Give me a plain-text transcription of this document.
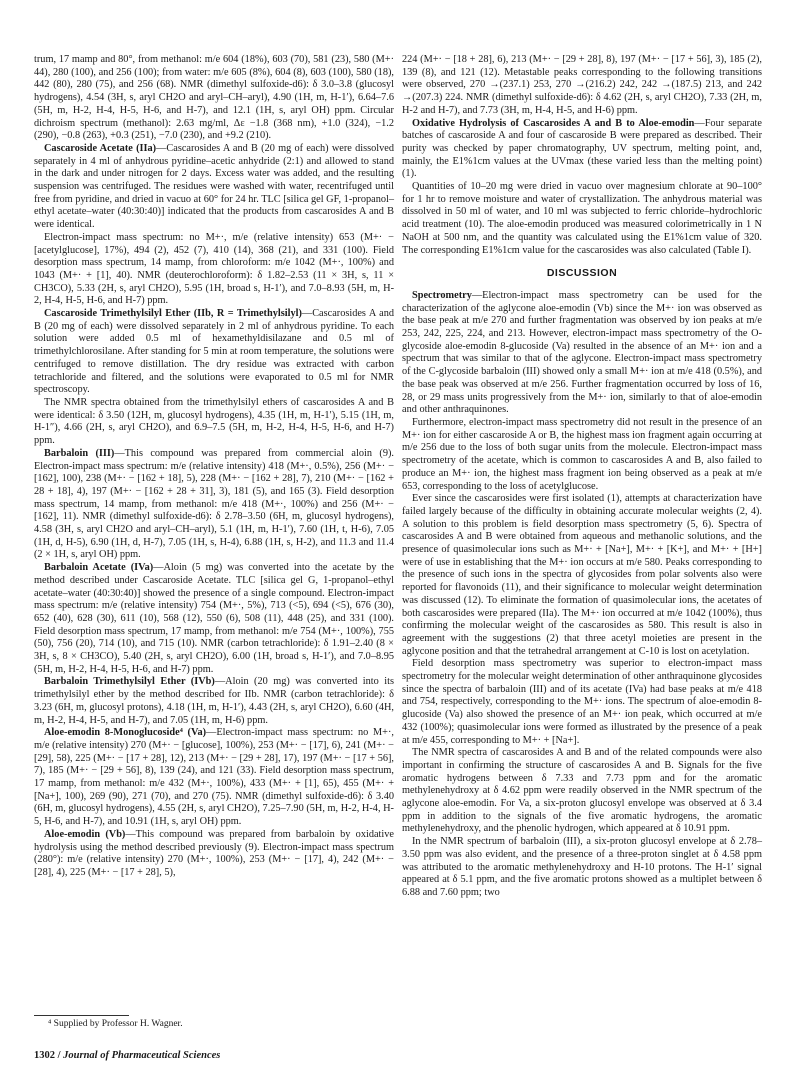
trum, 17 mamp and 80°, from methanol: m/e 604 (18%), 603 (70), 581 (23), 580 (M+· 44), 280 (100), and 256 (100); from water: m/e 605 (8%), 604 (8), 603 (100), 580 (18), 442 (80), 280 (75), and 256 (68). NMR (dimethyl sulfoxide-d6): δ 3.0–3.8 (glucosyl hydrogens), 4.54 (3H, s, aryl CH2O and aryl–CH–aryl), 4.90 (1H, m, H-1′), 6.64–7.6 (5H, m, H-2, H-4, H-5, H-6, and H-7), and 12.1 (1H, s, aryl OH) ppm. Circular dichroism spectrum (methanol): 2.63 mg/ml, Δε −1.8 (368 nm), +1.0 (324), −1.2 (290), −0.8 (263), +0.3 (251), −7.0 (230), and +9.2 (210).

Cascaroside Acetate (IIa)—Cascarosides A and B (20 mg of each) were dissolved separately in 4 ml of anhydrous pyridine–acetic anhydride (2:1) and allowed to stand in the dark and under nitrogen for 2 days. Excess water was added, and the resulting suspension was centrifuged. The residues were washed with water, recentrifuged until free from pyridine, and dried in vacuo at 60° for 24 hr. TLC [silica gel GF, 1-propanol–ethyl acetate–water (40:30:40)] indicated that the products from cascarosides A and B were identical.

Electron-impact mass spectrum: no M+·, m/e (relative intensity) 653 (M+· − [acetylglucose], 17%), 494 (2), 452 (7), 410 (14), 368 (21), and 331 (100). Field desorption mass spectrum, 14 mamp, from chloroform: m/e 1042 (M+·, 100%) and 1043 (M+· + [1], 40). NMR (deuterochloroform): δ 1.82–2.53 (11 × 3H, s, 11 × CH3CO), 5.33 (2H, s, aryl CH2O), 5.95 (1H, broad s, H-1′), and 7.0–8.93 (5H, m, H-2, H-4, H-5, H-6, and H-7) ppm.

Cascaroside Trimethylsilyl Ether (IIb, R = Trimethylsilyl)—Cascarosides A and B (20 mg of each) were dissolved separately in 2 ml of anhydrous pyridine. To each solution were added 0.5 ml of hexamethyldisilazane and 0.5 ml of trimethylchlorosilane. After standing for 5 min at room temperature, the solutions were centrifuged to remove distillation. The dry residue was extracted with carbon tetrachloride and filtered, and the solutions were evaporated to 0.5 ml for NMR spectroscopy.

The NMR spectra obtained from the trimethylsilyl ethers of cascarosides A and B were identical: δ 3.50 (12H, m, glucosyl hydrogens), 4.35 (1H, m, H-1′), 5.15 (1H, m, H-1″), 4.66 (2H, s, aryl CH2O), and 6.9–7.5 (5H, m, H-2, H-4, H-5, H-6, and H-7) ppm.

Barbaloin (III)—This compound was prepared from commercial aloin (9). Electron-impact mass spectrum: m/e (relative intensity) 418 (M+·, 0.5%), 256 (M+· − [162], 100), 238 (M+· − [162 + 18], 5), 228 (M+· − [162 + 28], 7), 210 (M+· − [162 + 28 + 18], 4), 197 (M+· − [162 + 28 + 31], 3), 181 (5), and 165 (3). Field desorption mass spectrum, 14 mamp, from methanol: m/e 418 (M+·, 100%) and 256 (M+· − [162], 11). NMR (dimethyl sulfoxide-d6): δ 2.78–3.50 (6H, m, glucosyl hydrogens), 4.58 (3H, s, aryl CH2O and aryl–CH–aryl), 5.1 (1H, m, H-1′), 7.60 (1H, t, H-6), 7.05 (1H, d, H-5), 6.90 (1H, d, H-7), 7.05 (1H, s, H-4), 6.88 (1H, s, H-2), and 11.3 and 11.4 (2 × 1H, s, aryl OH) ppm.

Barbaloin Acetate (IVa)—Aloin (5 mg) was converted into the acetate by the method described under Cascaroside Acetate. TLC [silica gel G, 1-propanol–ethyl acetate–water (40:30:40)] showed the presence of a single compound. Electron-impact mass spectrum: m/e (relative intensity) 754 (M+·, 5%), 713 (<5), 694 (<5), 676 (30), 652 (40), 628 (30), 611 (10), 568 (12), 550 (6), 508 (11), 448 (25), and 331 (100). Field desorption mass spectrum, 17 mamp, from methanol: m/e 754 (M+·, 100%), 755 (50), 756 (20), 714 (10), and 715 (10). NMR (carbon tetrachloride): δ 1.91–2.40 (8 × 3H, s, 8 × CH3CO), 5.40 (2H, s, aryl CH2O), 6.00 (1H, broad s, H-1′), and 7.0–8.95 (5H, m, H-2, H-4, H-5, H-6, and H-7) ppm.

Barbaloin Trimethylsilyl Ether (IVb)—Aloin (20 mg) was converted into its trimethylsilyl ether by the method described for IIb. NMR (carbon tetrachloride): δ 3.23 (6H, m, glucosyl protons), 4.18 (1H, m, H-1′), 4.43 (2H, s, aryl CH2O), 6.60 (4H, m, H-2, H-4, H-5, and H-7), and 7.05 (1H, m, H-6) ppm.

Aloe-emodin 8-Monoglucoside⁴ (Va)—Electron-impact mass spectrum: no M+·, m/e (relative intensity) 270 (M+· − [glucose], 100%), 253 (M+· − [17], 6), 241 (M+· − [29], 58), 225 (M+· − [17 + 28], 12), 213 (M+· − [29 + 28], 17), 197 (M+· − [17 + 56], 7), 185 (M+· − [29 + 56], 8), 139 (24), and 121 (33). Field desorption mass spectrum, 17 mamp, from methanol: m/e 432 (M+·, 100%), 433 (M+· + [1], 65), 455 (M+· + [Na+], 100), 269 (90), 271 (70), and 270 (75). NMR (dimethyl sulfoxide-d6): δ 3.40 (6H, m, glucosyl hydrogens), 4.55 (2H, s, aryl CH2O), 7.25–7.90 (5H, m, H-2, H-4, H-5, H-6, and H-7), and 10.91 (1H, s, aryl OH) ppm.

Aloe-emodin (Vb)—This compound was prepared from barbaloin by oxidative hydrolysis using the method described previously (9). Electron-impact mass spectrum (280°): m/e (relative intensity) 270 (M+·, 100%), 253 (M+· − [17], 4), 242 (M+· − [28], 4), 225 (M+· − [17 + 28], 5),

224 (M+· − [18 + 28], 6), 213 (M+· − [29 + 28], 8), 197 (M+· − [17 + 56], 3), 185 (2), 139 (8), and 121 (12). Metastable peaks corresponding to the following transitions were observed, 270 →(237.1) 253, 270 →(216.2) 242, 242 →(187.5) 213, and 242 →(207.3) 224. NMR (dimethyl sulfoxide-d6): δ 4.62 (2H, s, aryl CH2O), 7.33 (2H, m, H-2 and H-7), and 7.73 (3H, m, H-4, H-5, and H-6) ppm.

Oxidative Hydrolysis of Cascarosides A and B to Aloe-emodin—Four separate batches of cascaroside A and four of cascaroside B were prepared as described. Their purity was checked by paper chromatography, UV spectrum, melting point, and, mainly, the E1%1cm values at the UVmax (these varied less than the melting point) (1).

Quantities of 10–20 mg were dried in vacuo over magnesium chlorate at 90–100° for 1 hr to remove moisture and water of crystallization. The anhydrous material was dissolved in 50 ml of water, and 10 ml was subjected to ferric chloride–hydrochloric acid treatment (10). The aloe-emodin produced was measured colorimetrically in 1 N NaOH at 500 nm, and the quantity was calculated using the E1%1cm value of 320. The corresponding E1%1cm value for the cascarosides was also calculated (Table I).

DISCUSSION

Spectrometry—Electron-impact mass spectrometry can be used for the characterization of the aglycone aloe-emodin (Vb) since the M+· ion was observed as the base peak at m/e 270 and further fragmentation was observed by ion peaks at m/e 253, 242, 225, 224, and 213. However, electron-impact mass spectrometry of the O-glycoside aloe-emodin 8-glucoside (Va) resulted in the absence of an M+· ion and a spectrum that was similar to that of the aglycone. Electron-impact mass spectrometry of the C-glycoside barbaloin (III) showed only a small M+· ion at m/e 418 (0.5%), and the base peak was observed at m/e 256. Further fragmentation occurred by loss of 16, 28, or 29 mass units progressively from the M+· ion, similarly to that of aloe-emodin and other anthraquinones.

Furthermore, electron-impact mass spectrometry did not result in the presence of an M+· ion for either cascaroside A or B, the highest mass ion fragment again occurring at m/e 256 due to the loss of both sugar units from the molecule. Electron-impact mass spectrometry of the acetate, which is common to cascarosides A and B, also failed to produce an M+· ion, the highest mass fragment ion being observed as a peak at m/e 653, corresponding to the loss of acetylglucose.

Ever since the cascarosides were first isolated (1), attempts at characterization have failed largely because of the difficulty in obtaining accurate molecular weights (2, 4). A solution to this problem is field desorption mass spectrometry (5, 6). Spectra of cascarosides A and B were obtained from aqueous and methanolic solutions, and the presence of quasimolecular ions such as M+· + [Na+], M+· + [K+], and M+· + [H+] were of use in establishing that the M+· ion occurs at m/e 580. Peaks corresponding to the presence of such ions in the spectra of glycosides from polar solvents also were reported for flavonoids (11), and their significance to molecular weight determination was discussed (12). To eliminate the formation of quasimolecular ions, the acetates of both cascarosides were prepared (IIa). The M+· ion occurred at m/e 1042 (100%), thus confirming the molecular weight of the cascarosides as 580. This result is also in agreement with the suggestions (2) that three acetyl moieties are present in the aglycone position and that the tetrahedral arrangement at C-10 is lost on acetylation.

Field desorption mass spectrometry was superior to electron-impact mass spectrometry for the molecular weight determination of other anthraquinone glycosides since the spectra of barbaloin (III) and of its acetate (IVa) had base peaks at m/e 418 and 754, respectively, corresponding to the M+· ions. The spectrum of aloe-emodin 8-glucoside (Va) also showed the presence of an M+· ion peak, which occurred at m/e 432 (100%); quasimolecular ions were formed as illustrated by the presence of a peak at m/e 455, corresponding to M+· + [Na+].

The NMR spectra of cascarosides A and B and of the related compounds were also important in confirming the structure of cascarosides A and B. Signals for the five aromatic hydrogens between δ 7.33 and 7.73 ppm and for the aromatic methylenehydroxy at δ 4.62 ppm were readily observed in the NMR spectrum of the aglycone aloe-emodin. For Va, a six-proton glucosyl envelope was observed at δ 3.4 ppm in addition to the signals of the five aromatic hydrogens, the aromatic methylenehydroxy, and the phenolic hydrogen, which appeared at δ 10.91 ppm.

In the NMR spectrum of barbaloin (III), a six-proton glucosyl envelope at δ 2.78–3.50 ppm was also evident, and the presence of a three-proton singlet at δ 4.58 ppm was attributed to the aromatic methylenehydroxy and H-10 protons. The H-1′ signal appeared at δ 5.1 ppm, and the five aromatic protons showed as a multiplet between δ 6.88 and 7.60 ppm; two

⁴ Supplied by Professor H. Wagner.
1302 / Journal of Pharmaceutical Sciences
